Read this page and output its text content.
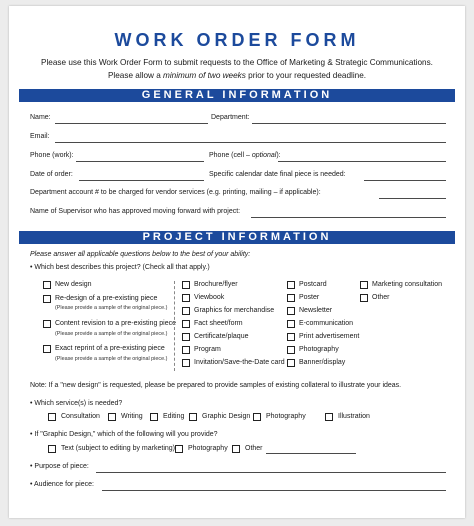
WORK ORDER FORM
Please use this Work Order Form to submit requests to the Office of Marketing & Strategic Communications.
Please allow a minimum of two weeks prior to your requested deadline.
GENERAL INFORMATION
Name:	Department:
Email:
Phone (work):	Phone (cell – optional):
Date of order:	Specific calendar date final piece is needed:
Department account # to be charged for vendor services (e.g. printing, mailing – if applicable):
Name of Supervisor who has approved moving forward with project:
PROJECT INFORMATION
Please answer all applicable questions below to the best of your ability:
• Which best describes this project? (Check all that apply.)
New design
Re-design of a pre-existing piece
(Please provide a sample of the original piece.)
Content revision to a pre-existing piece
(Please provide a sample of the original piece.)
Exact reprint of a pre-existing piece
(Please provide a sample of the original piece.)
Brochure/flyer
Viewbook
Graphics for merchandise
Fact sheet/form
Certificate/plaque
Program
Invitation/Save-the-Date card
Postcard
Poster
Newsletter
E-communication
Print advertisement
Photography
Banner/display
Marketing consultation
Other
Note: If a "new design" is requested, please be prepared to provide samples of existing collateral to illustrate your ideas.
• Which service(s) is needed?
Consultation	Writing	Editing	Graphic Design Photography	Illustration
• If "Graphic Design," which of the following will you provide?
Text (subject to editing by marketing) Photography Other
• Purpose of piece:
• Audience for piece:
